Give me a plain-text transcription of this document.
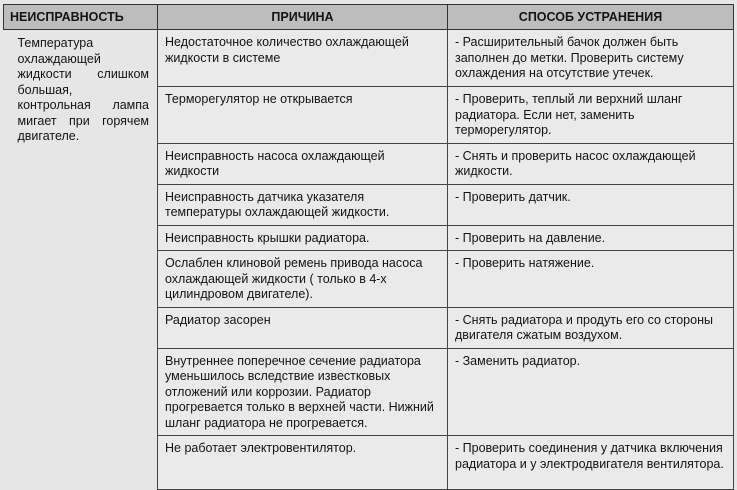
НЕИСПРАВНОСТЬ	ПРИЧИНА	СПОСОБ УСТРАНЕНИЯ
Температура охлаждающей жидкости слишком большая, контрольная лампа мигает при горячем двигателе.	Недостаточное количество охлаждающей жидкости в системе	- Расширительный бачок должен быть заполнен до метки. Проверить систему охлаждения на отсутствие утечек.
	Терморегулятор не открывается	- Проверить, теплый ли верхний шланг радиатора. Если нет, заменить терморегулятор.
	Неисправность насоса охлаждающей жидкости	- Снять и проверить насос охлаждающей жидкости.
	Неисправность датчика указателя температуры охлаждающей жидкости.	- Проверить датчик.
	Неисправность крышки радиатора.	- Проверить на давление.
	Ослаблен клиновой ремень привода насоса охлаждающей жидкости ( только в 4-х цилиндровом двигателе).	- Проверить натяжение.
	Радиатор засорен	- Снять радиатора и продуть его со стороны двигателя сжатым воздухом.
	Внутреннее поперечное сечение радиатора уменьшилось вследствие известковых отложений или коррозии. Радиатор прогревается только в верхней части. Нижний шланг радиатора не прогревается.	- Заменить радиатор.
	Не работает электровентилятор.	- Проверить соединения у датчика включения радиатора и у электродвигателя вентилятора.
